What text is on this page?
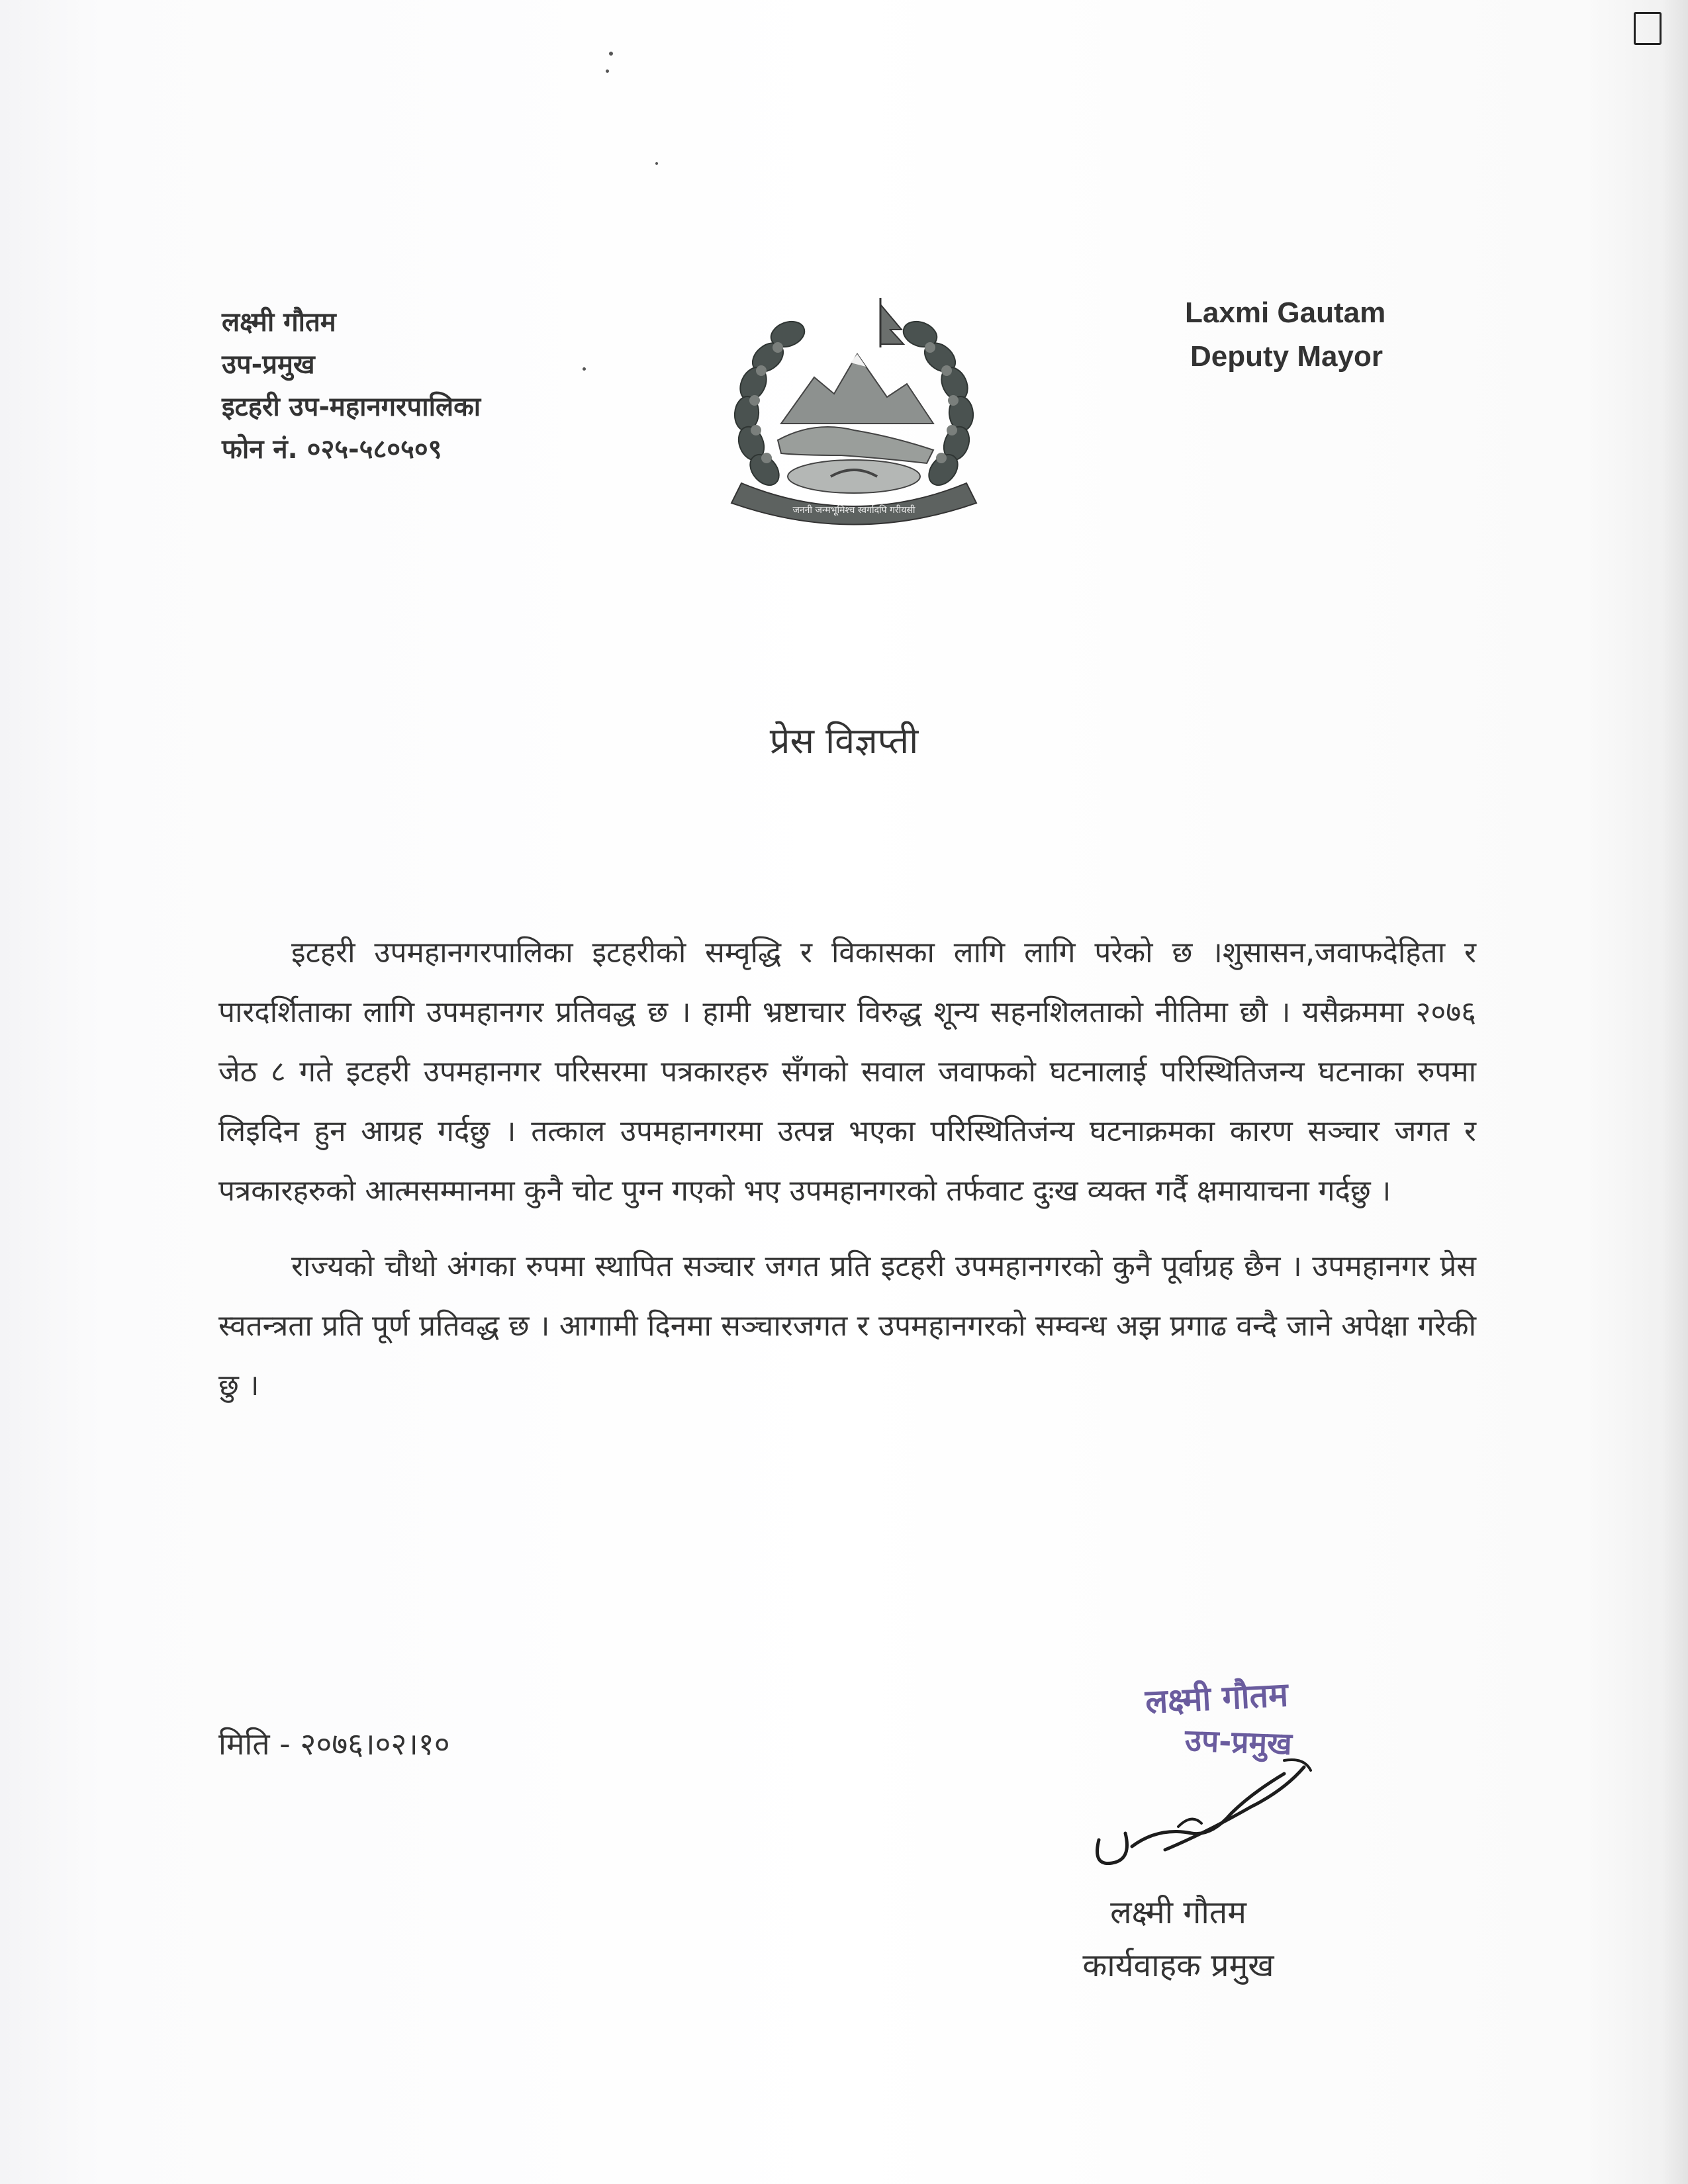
लक्ष्मी गौतम
उप-प्रमुख
इटहरी उप-महानगरपालिका
फोन नं. ०२५-५८०५०९
जननी जन्मभूमिश्च स्वर्गादपि गरीयसी
Laxmi Gautam
Deputy Mayor
प्रेस विज्ञप्ती

इटहरी उपमहानगरपालिका इटहरीको सम्वृद्धि र विकासका लागि लागि परेको छ ।शुसासन,जवाफदेहिता र पारदर्शिताका लागि उपमहानगर प्रतिवद्ध छ । हामी भ्रष्टाचार विरुद्ध शून्य सहनशिलताको नीतिमा छौ । यसैक्रममा २०७६ जेठ ८ गते इटहरी उपमहानगर परिसरमा पत्रकारहरु सँगको सवाल जवाफको घटनालाई परिस्थितिजन्य घटनाका रुपमा लिइदिन हुन आग्रह गर्दछु । तत्काल उपमहानगरमा उत्पन्न भएका परिस्थितिजंन्य घटनाक्रमका कारण सञ्चार जगत र पत्रकारहरुको आत्मसम्मानमा कुनै चोट पुग्न गएको भए उपमहानगरको तर्फवाट दुःख व्यक्त गर्दै क्षमायाचना गर्दछु ।

राज्यको चौथो अंगका रुपमा स्थापित सञ्चार जगत प्रति इटहरी उपमहानगरको कुनै पूर्वाग्रह छैन । उपमहानगर प्रेस स्वतन्त्रता प्रति पूर्ण प्रतिवद्ध छ । आगामी दिनमा सञ्चारजगत र उपमहानगरको सम्वन्ध अझ प्रगाढ वन्दै जाने अपेक्षा गरेकी छु ।

मिति - २०७६।०२।१०
लक्ष्मी गौतम
उप-प्रमुख
लक्ष्मी गौतम
कार्यवाहक प्रमुख
